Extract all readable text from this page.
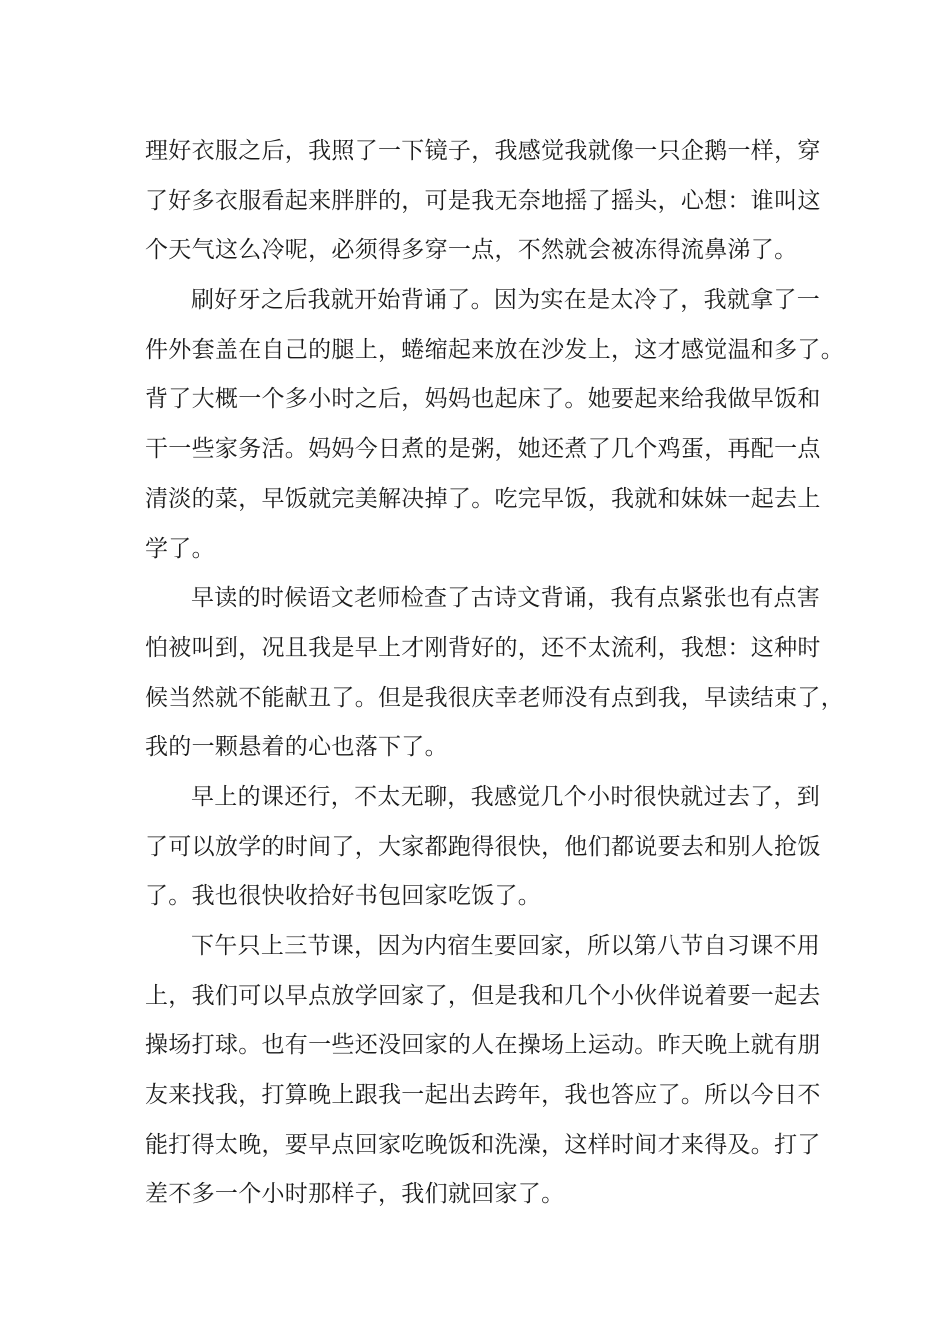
理好衣服之后，我照了一下镜子，我感觉我就像一只企鹅一样，穿
了好多衣服看起来胖胖的，可是我无奈地摇了摇头，心想：谁叫这
个天气这么冷呢，必须得多穿一点，不然就会被冻得流鼻涕了。
刷好牙之后我就开始背诵了。因为实在是太冷了，我就拿了一
件外套盖在自己的腿上，蜷缩起来放在沙发上，这才感觉温和多了。
背了大概一个多小时之后，妈妈也起床了。她要起来给我做早饭和
干一些家务活。妈妈今日煮的是粥，她还煮了几个鸡蛋，再配一点
清淡的菜，早饭就完美解决掉了。吃完早饭，我就和妹妹一起去上
学了。
早读的时候语文老师检查了古诗文背诵，我有点紧张也有点害
怕被叫到，况且我是早上才刚背好的，还不太流利，我想：这种时
候当然就不能献丑了。但是我很庆幸老师没有点到我，早读结束了，
我的一颗悬着的心也落下了。
早上的课还行，不太无聊，我感觉几个小时很快就过去了，到
了可以放学的时间了，大家都跑得很快，他们都说要去和别人抢饭
了。我也很快收拾好书包回家吃饭了。
下午只上三节课，因为内宿生要回家，所以第八节自习课不用
上，我们可以早点放学回家了，但是我和几个小伙伴说着要一起去
操场打球。也有一些还没回家的人在操场上运动。昨天晚上就有朋
友来找我，打算晚上跟我一起出去跨年，我也答应了。所以今日不
能打得太晚，要早点回家吃晚饭和洗澡，这样时间才来得及。打了
差不多一个小时那样子，我们就回家了。
